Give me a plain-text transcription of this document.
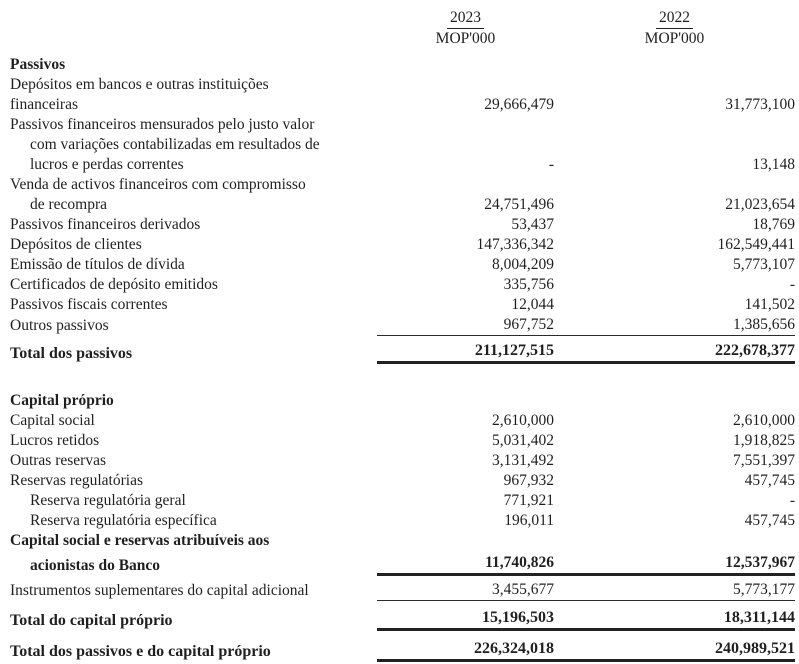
2023	2022
MOP'000	MOP'000
Passivos
Depósitos em bancos e outras instituições
financeiras	29,666,479	31,773,100
Passivos financeiros mensurados pelo justo valor
com variações contabilizadas em resultados de
lucros e perdas correntes	-	13,148
Venda de activos financeiros com compromisso
de recompra	24,751,496	21,023,654
Passivos financeiros derivados	53,437	18,769
Depósitos de clientes	147,336,342	162,549,441
Emissão de títulos de dívida	8,004,209	5,773,107
Certificados de depósito emitidos	335,756	-
Passivos fiscais correntes	12,044	141,502
Outros passivos	967,752	1,385,656
Total dos passivos	211,127,515	222,678,377
Capital próprio
Capital social	2,610,000	2,610,000
Lucros retidos	5,031,402	1,918,825
Outras reservas	3,131,492	7,551,397
Reservas regulatórias	967,932	457,745
Reserva regulatória geral	771,921	-
Reserva regulatória específica	196,011	457,745
Capital social e reservas atribuíveis aos
acionistas do Banco	11,740,826	12,537,967
Instrumentos suplementares do capital adicional	3,455,677	5,773,177
Total do capital próprio	15,196,503	18,311,144
Total dos passivos e do capital próprio	226,324,018	240,989,521
